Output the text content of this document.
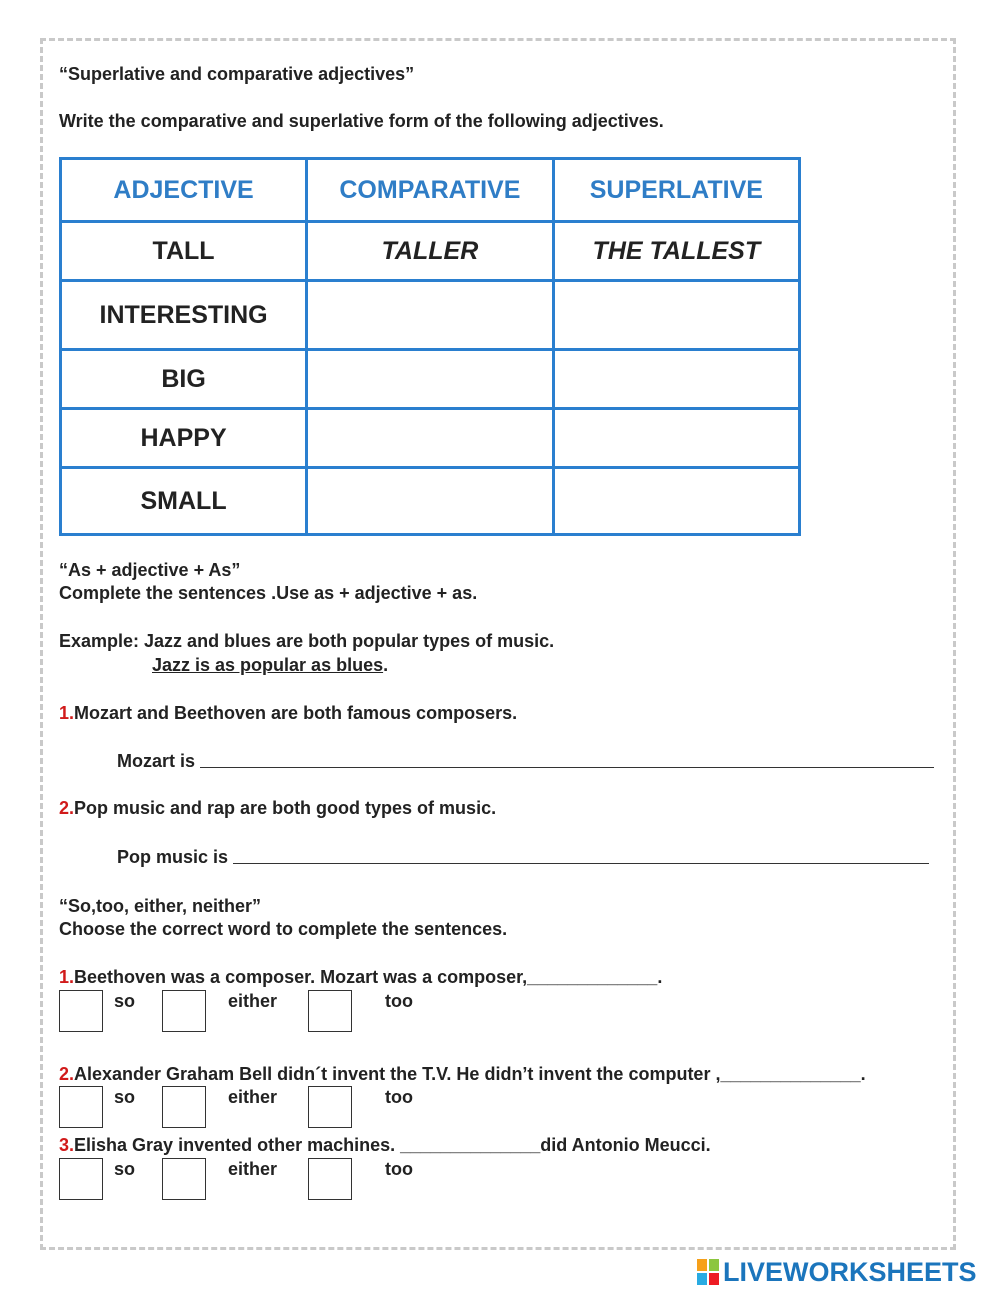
“Superlative and comparative adjectives”
Write the comparative and superlative form of the following adjectives.
ADJECTIVE	COMPARATIVE	SUPERLATIVE
TALL	TALLER	THE TALLEST
INTERESTING		
BIG		
HAPPY		
SMALL		
“As + adjective + As”
Complete the sentences .Use as + adjective + as.
Example: Jazz and blues are both popular types of music.
Jazz is as popular as blues.
1.Mozart and Beethoven are both famous composers.
Mozart is
2.Pop music and rap are both good types of music.
Pop music is
“So,too, either, neither”
Choose the correct word to complete the sentences.
1.Beethoven was a composer. Mozart was a composer,_____________.
so	either	too
2.Alexander Graham Bell didn´t invent the T.V. He didn’t invent the computer ,______________.
so	either	too
3.Elisha Gray invented other machines. ______________did Antonio Meucci.
so	either	too
LIVEWORKSHEETS
